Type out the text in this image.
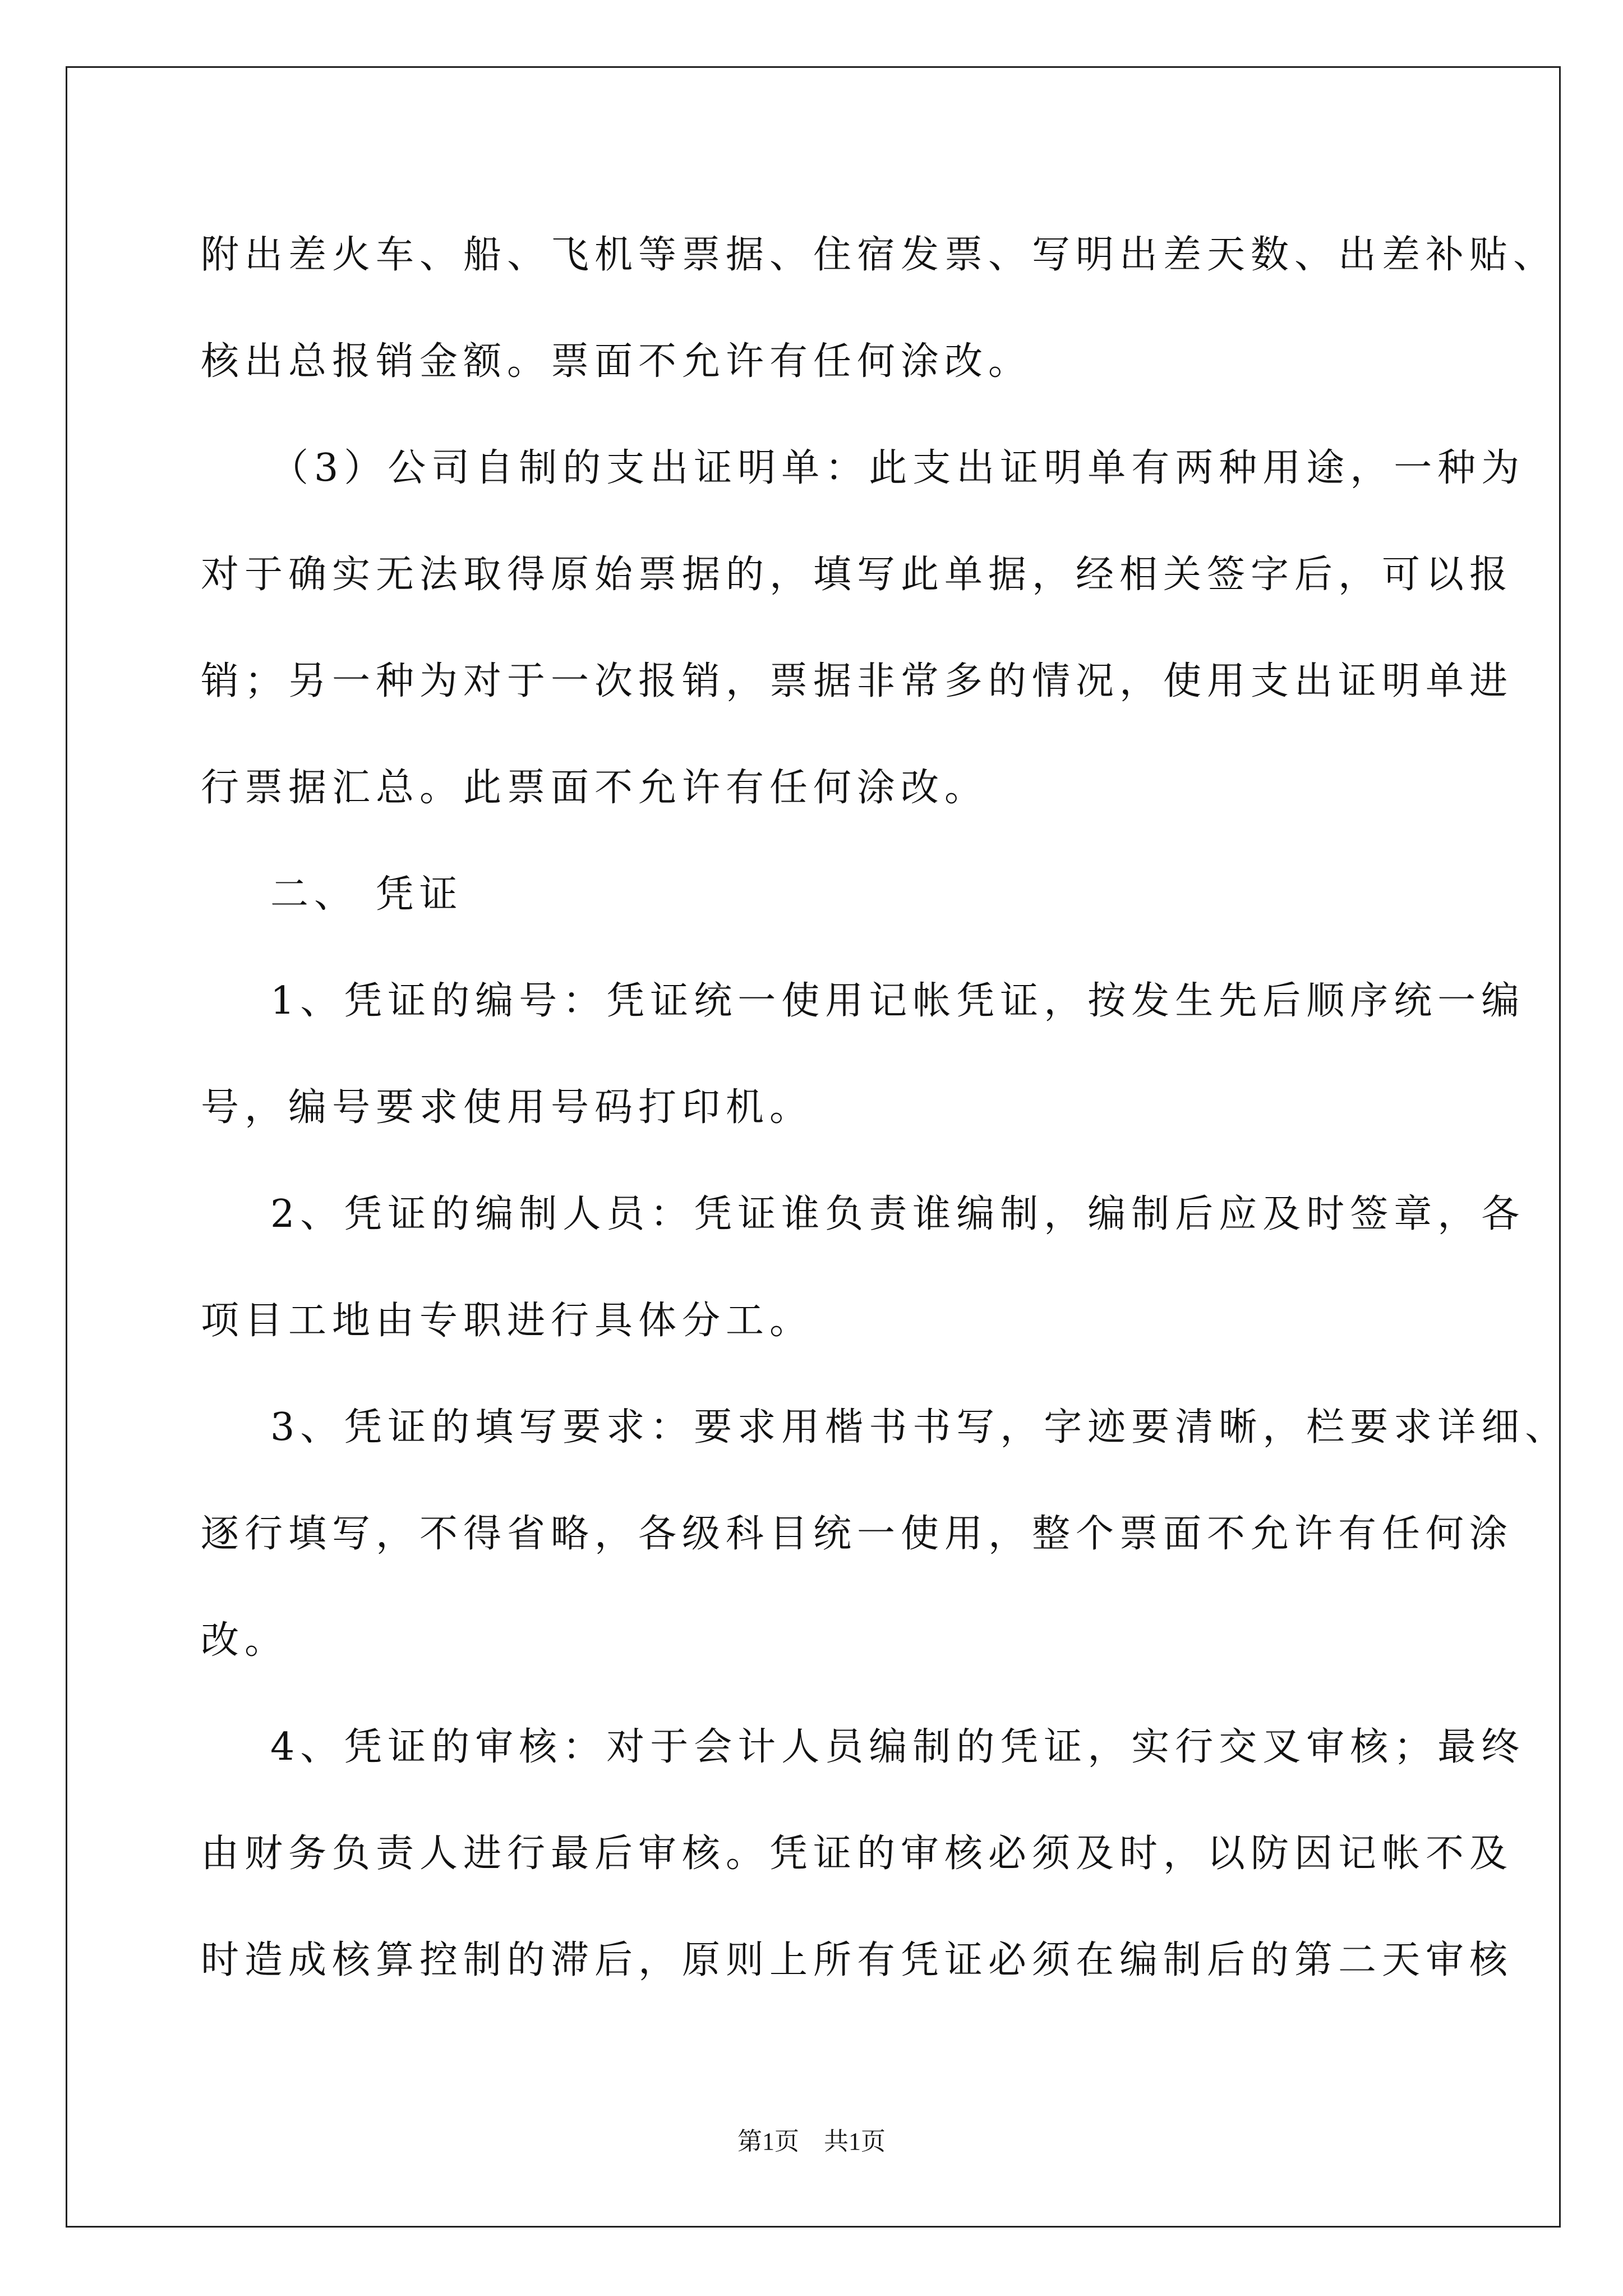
附出差火车、船、飞机等票据、住宿发票、写明出差天数、出差补贴、
核出总报销金额。票面不允许有任何涂改。
（3）公司自制的支出证明单：此支出证明单有两种用途，一种为
对于确实无法取得原始票据的，填写此单据，经相关签字后，可以报
销；另一种为对于一次报销，票据非常多的情况，使用支出证明单进
行票据汇总。此票面不允许有任何涂改。
二、 凭证
1、凭证的编号：凭证统一使用记帐凭证，按发生先后顺序统一编
号，编号要求使用号码打印机。
2、凭证的编制人员：凭证谁负责谁编制，编制后应及时签章，各
项目工地由专职进行具体分工。
3、凭证的填写要求：要求用楷书书写，字迹要清晰，栏要求详细、
逐行填写，不得省略，各级科目统一使用，整个票面不允许有任何涂
改。
4、凭证的审核：对于会计人员编制的凭证，实行交叉审核；最终
由财务负责人进行最后审核。凭证的审核必须及时，以防因记帐不及
时造成核算控制的滞后，原则上所有凭证必须在编制后的第二天审核
第1页　共1页
